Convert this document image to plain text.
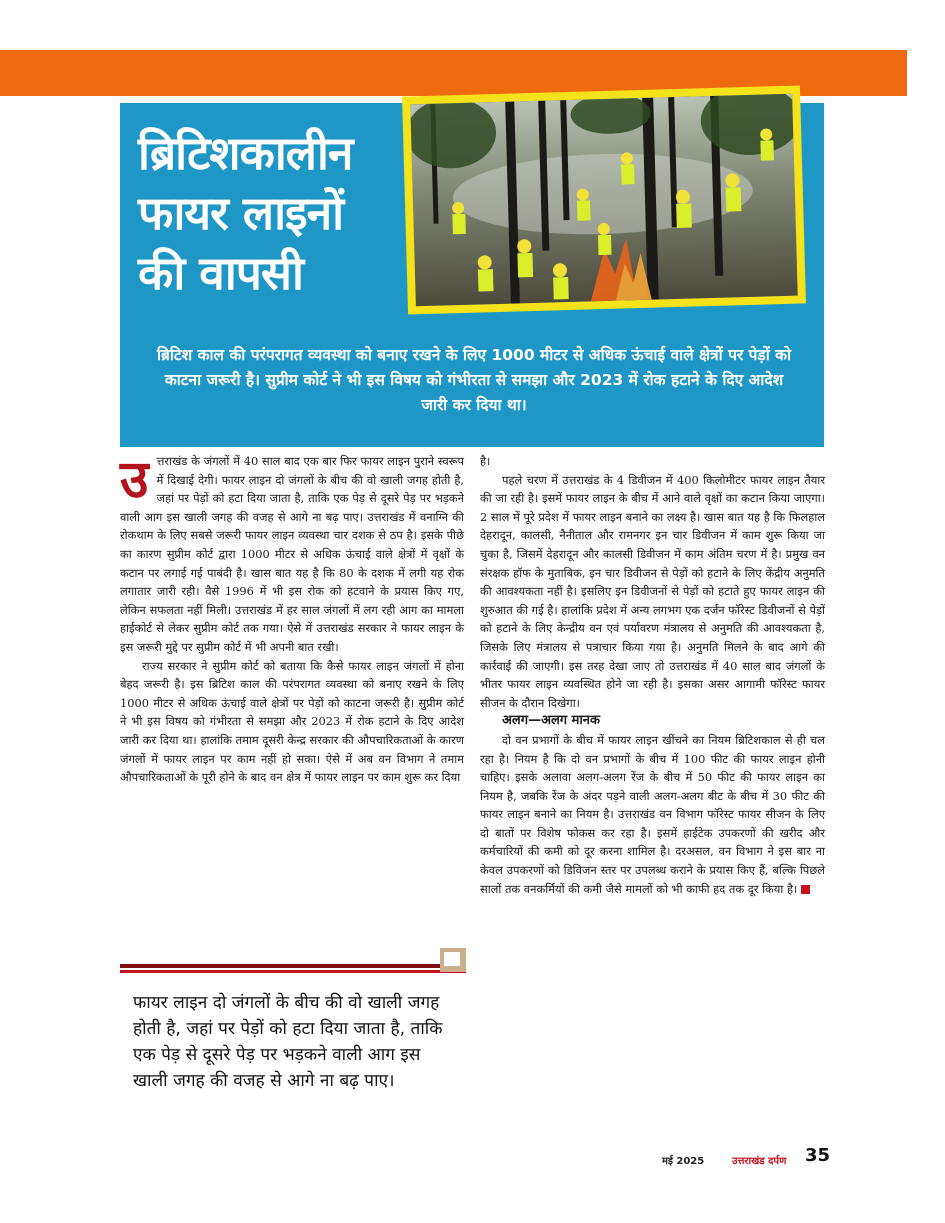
ब्रिटिशकालीन
फायर लाइनों
की वापसी

ब्रिटिश काल की परंपरागत व्यवस्था को बनाए रखने के लिए 1000 मीटर से अधिक ऊंचाई वाले क्षेत्रों पर पेड़ों को काटना जरूरी है। सुप्रीम कोर्ट ने भी इस विषय को गंभीरता से समझा और 2023 में रोक हटाने के दिए आदेश जारी कर दिया था।

उत्तराखंड के जंगलों में 40 साल बाद एक बार फिर फायर लाइन पुराने स्वरूप में दिखाई देगी। फायर लाइन दो जंगलों के बीच की वो खाली जगह होती है, जहां पर पेड़ों को हटा दिया जाता है, ताकि एक पेड़ से दूसरे पेड़ पर भड़कने वाली आग इस खाली जगह की वजह से आगे ना बढ़ पाए। उत्तराखंड में वनाग्नि की रोकथाम के लिए सबसे जरूरी फायर लाइन व्यवस्था चार दशक से ठप है। इसके पीछे का कारण सुप्रीम कोर्ट द्वारा 1000 मीटर से अधिक ऊंचाई वाले क्षेत्रों में वृक्षों के कटान पर लगाई गई पाबंदी है। खास बात यह है कि 80 के दशक में लगी यह रोक लगातार जारी रही। वैसे 1996 में भी इस रोक को हटवाने के प्रयास किए गए, लेकिन सफलता नहीं मिली। उत्तराखंड में हर साल जंगलों में लग रही आग का मामला हाईकोर्ट से लेकर सुप्रीम कोर्ट तक गया। ऐसे में उत्तराखंड सरकार ने फायर लाइन के इस जरूरी मुद्दे पर सुप्रीम कोर्ट में भी अपनी बात रखी।

राज्य सरकार ने सुप्रीम कोर्ट को बताया कि कैसे फायर लाइन जंगलों में होना बेहद जरूरी है। इस ब्रिटिश काल की परंपरागत व्यवस्था को बनाए रखने के लिए 1000 मीटर से अधिक ऊंचाई वाले क्षेत्रों पर पेड़ों को काटना जरूरी है। सुप्रीम कोर्ट ने भी इस विषय को गंभीरता से समझा और 2023 में रोक हटाने के दिए आदेश जारी कर दिया था। हालांकि तमाम दूसरी केन्द्र सरकार की औपचारिकताओं के कारण जंगलों में फायर लाइन पर काम नहीं हो सका। ऐसे में अब वन विभाग ने तमाम औपचारिकताओं के पूरी होने के बाद वन क्षेत्र में फायर लाइन पर काम शुरू कर दिया

फायर लाइन दो जंगलों के बीच की वो खाली जगह होती है, जहां पर पेड़ों को हटा दिया जाता है, ताकि एक पेड़ से दूसरे पेड़ पर भड़कने वाली आग इस खाली जगह की वजह से आगे ना बढ़ पाए।

है।

पहले चरण में उत्तराखंड के 4 डिवीजन में 400 किलोमीटर फायर लाइन तैयार की जा रही है। इसमें फायर लाइन के बीच में आने वाले वृक्षों का कटान किया जाएगा। 2 साल में पूरे प्रदेश में फायर लाइन बनाने का लक्ष्य है। खास बात यह है कि फिलहाल देहरादून, कालसी, नैनीताल और रामनगर इन चार डिवीजन में काम शुरू किया जा चुका है, जिसमें देहरादून और कालसी डिवीजन में काम अंतिम चरण में है। प्रमुख वन संरक्षक हॉफ के मुताबिक, इन चार डिवीजन से पेड़ों को हटाने के लिए केंद्रीय अनुमति की आवश्यकता नहीं है। इसलिए इन डिवीजनों से पेड़ों को हटाते हुए फायर लाइन की शुरुआत की गई है। हालांकि प्रदेश में अन्य लगभग एक दर्जन फॉरेस्ट डिवीजनों से पेड़ों को हटाने के लिए केन्द्रीय वन एवं पर्यावरण मंत्रालय से अनुमति की आवश्यकता है, जिसके लिए मंत्रालय से पत्राचार किया गया है। अनुमति मिलने के बाद आगे की कार्रवाई की जाएगी। इस तरह देखा जाए तो उत्तराखंड में 40 साल बाद जंगलों के भीतर फायर लाइन व्यवस्थित होने जा रही है। इसका असर आगामी फॉरेस्ट फायर सीजन के दौरान दिखेगा।

अलग—अलग मानक

दो वन प्रभागों के बीच में फायर लाइन खींचने का नियम ब्रिटिशकाल से ही चल रहा है। नियम है कि दो वन प्रभागों के बीच में 100 फीट की फायर लाइन होनी चाहिए। इसके अलावा अलग-अलग रेंज के बीच में 50 फीट की फायर लाइन का नियम है, जबकि रेंज के अंदर पड़ने वाली अलग-अलग बीट के बीच में 30 फीट की फायर लाइन बनाने का नियम है। उत्तराखंड वन विभाग फॉरेस्ट फायर सीजन के लिए दो बातों पर विशेष फोकस कर रहा है। इसमें हाईटेक उपकरणों की खरीद और कर्मचारियों की कमी को दूर करना शामिल है। दरअसल, वन विभाग ने इस बार ना केवल उपकरणों को डिविजन स्तर पर उपलब्ध कराने के प्रयास किए हैं, बल्कि पिछले सालों तक वनकर्मियों की कमी जैसे मामलों को भी काफी हद तक दूर किया है।

मई 2025	उत्तराखंड दर्पण 35
